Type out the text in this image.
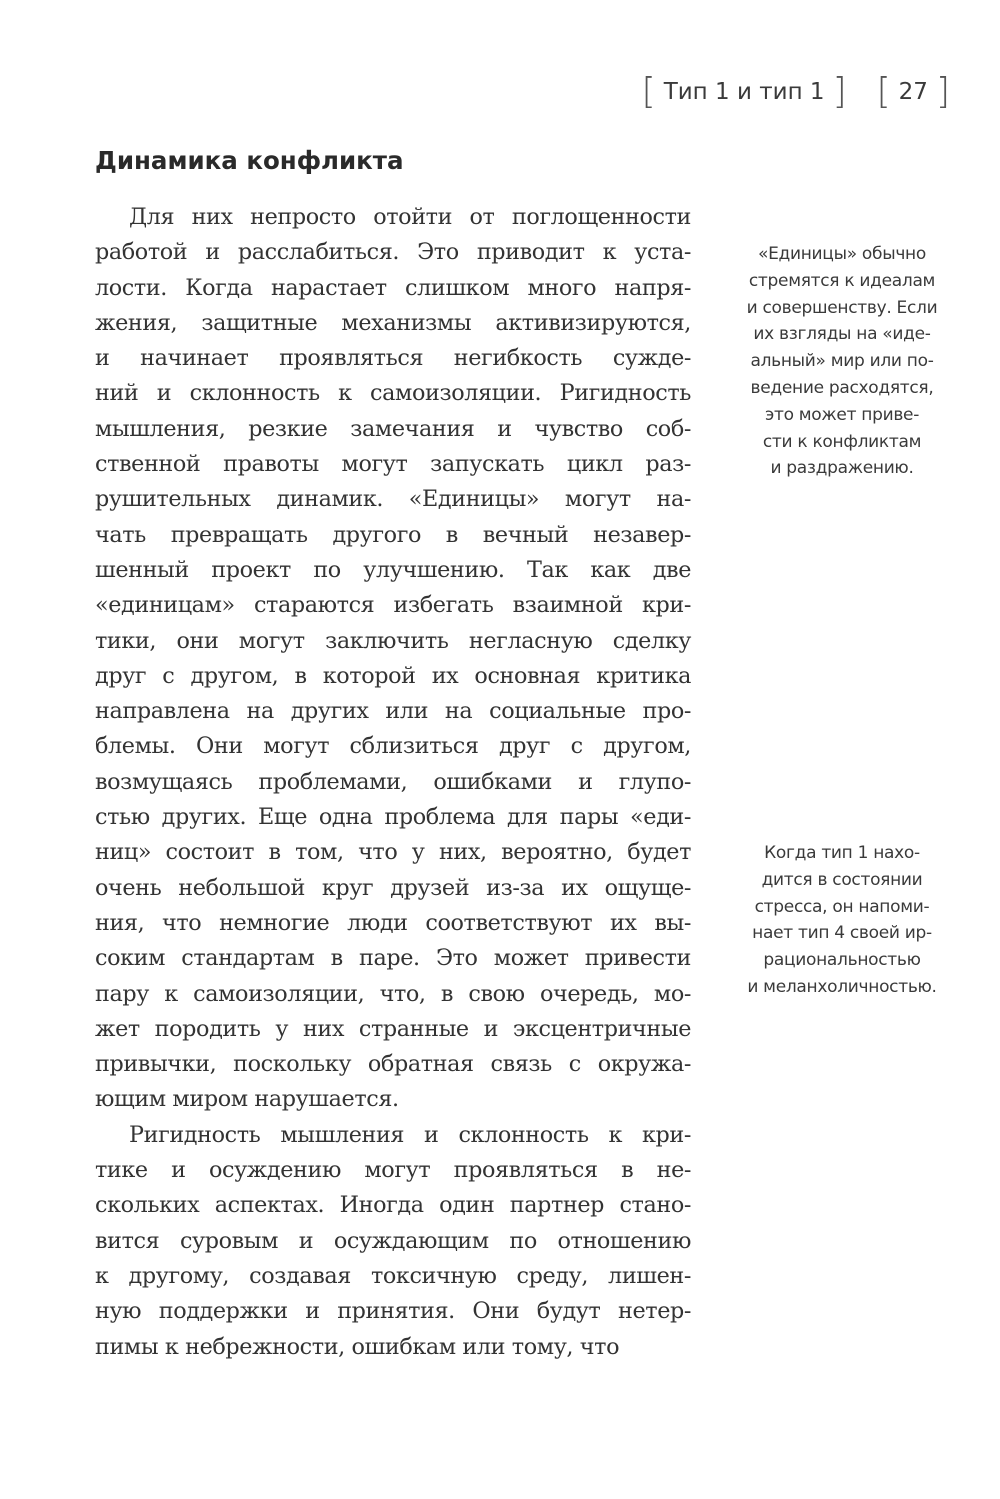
[ Тип 1 и тип 1 ] [ 27 ]
Динамика конфликта

Для них непросто отойти от поглощенности
работой и расслабиться. Это приводит к уста-
лости. Когда нарастает слишком много напря-
жения, защитные механизмы активизируются,
и начинает проявляться негибкость сужде-
ний и склонность к самоизоляции. Ригидность
мышления, резкие замечания и чувство соб-
ственной правоты могут запускать цикл раз-
рушительных динамик. «Единицы» могут на-
чать превращать другого в вечный незавер-
шенный проект по улучшению. Так как две
«единицам» стараются избегать взаимной кри-
тики, они могут заключить негласную сделку
друг с другом, в которой их основная критика
направлена на других или на социальные про-
блемы. Они могут сблизиться друг с другом,
возмущаясь проблемами, ошибками и глупо-
стью других. Еще одна проблема для пары «еди-
ниц» состоит в том, что у них, вероятно, будет
очень небольшой круг друзей из-за их ощуще-
ния, что немногие люди соответствуют их вы-
соким стандартам в паре. Это может привести
пару к самоизоляции, что, в свою очередь, мо-
жет породить у них странные и эксцентричные
привычки, поскольку обратная связь с окружа-
ющим миром нарушается.

Ригидность мышления и склонность к кри-
тике и осуждению могут проявляться в не-
скольких аспектах. Иногда один партнер стано-
вится суровым и осуждающим по отношению
к другому, создавая токсичную среду, лишен-
ную поддержки и принятия. Они будут нетер-
пимы к небрежности, ошибкам или тому, что

«Единицы» обычно
стремятся к идеалам
и совершенству. Если
их взгляды на «иде-
альный» мир или по-
ведение расходятся,
это может приве-
сти к конфликтам
и раздражению.
Когда тип 1 нахо-
дится в состоянии
стресса, он напоми-
нает тип 4 своей ир-
рациональностью
и меланхоличностью.
